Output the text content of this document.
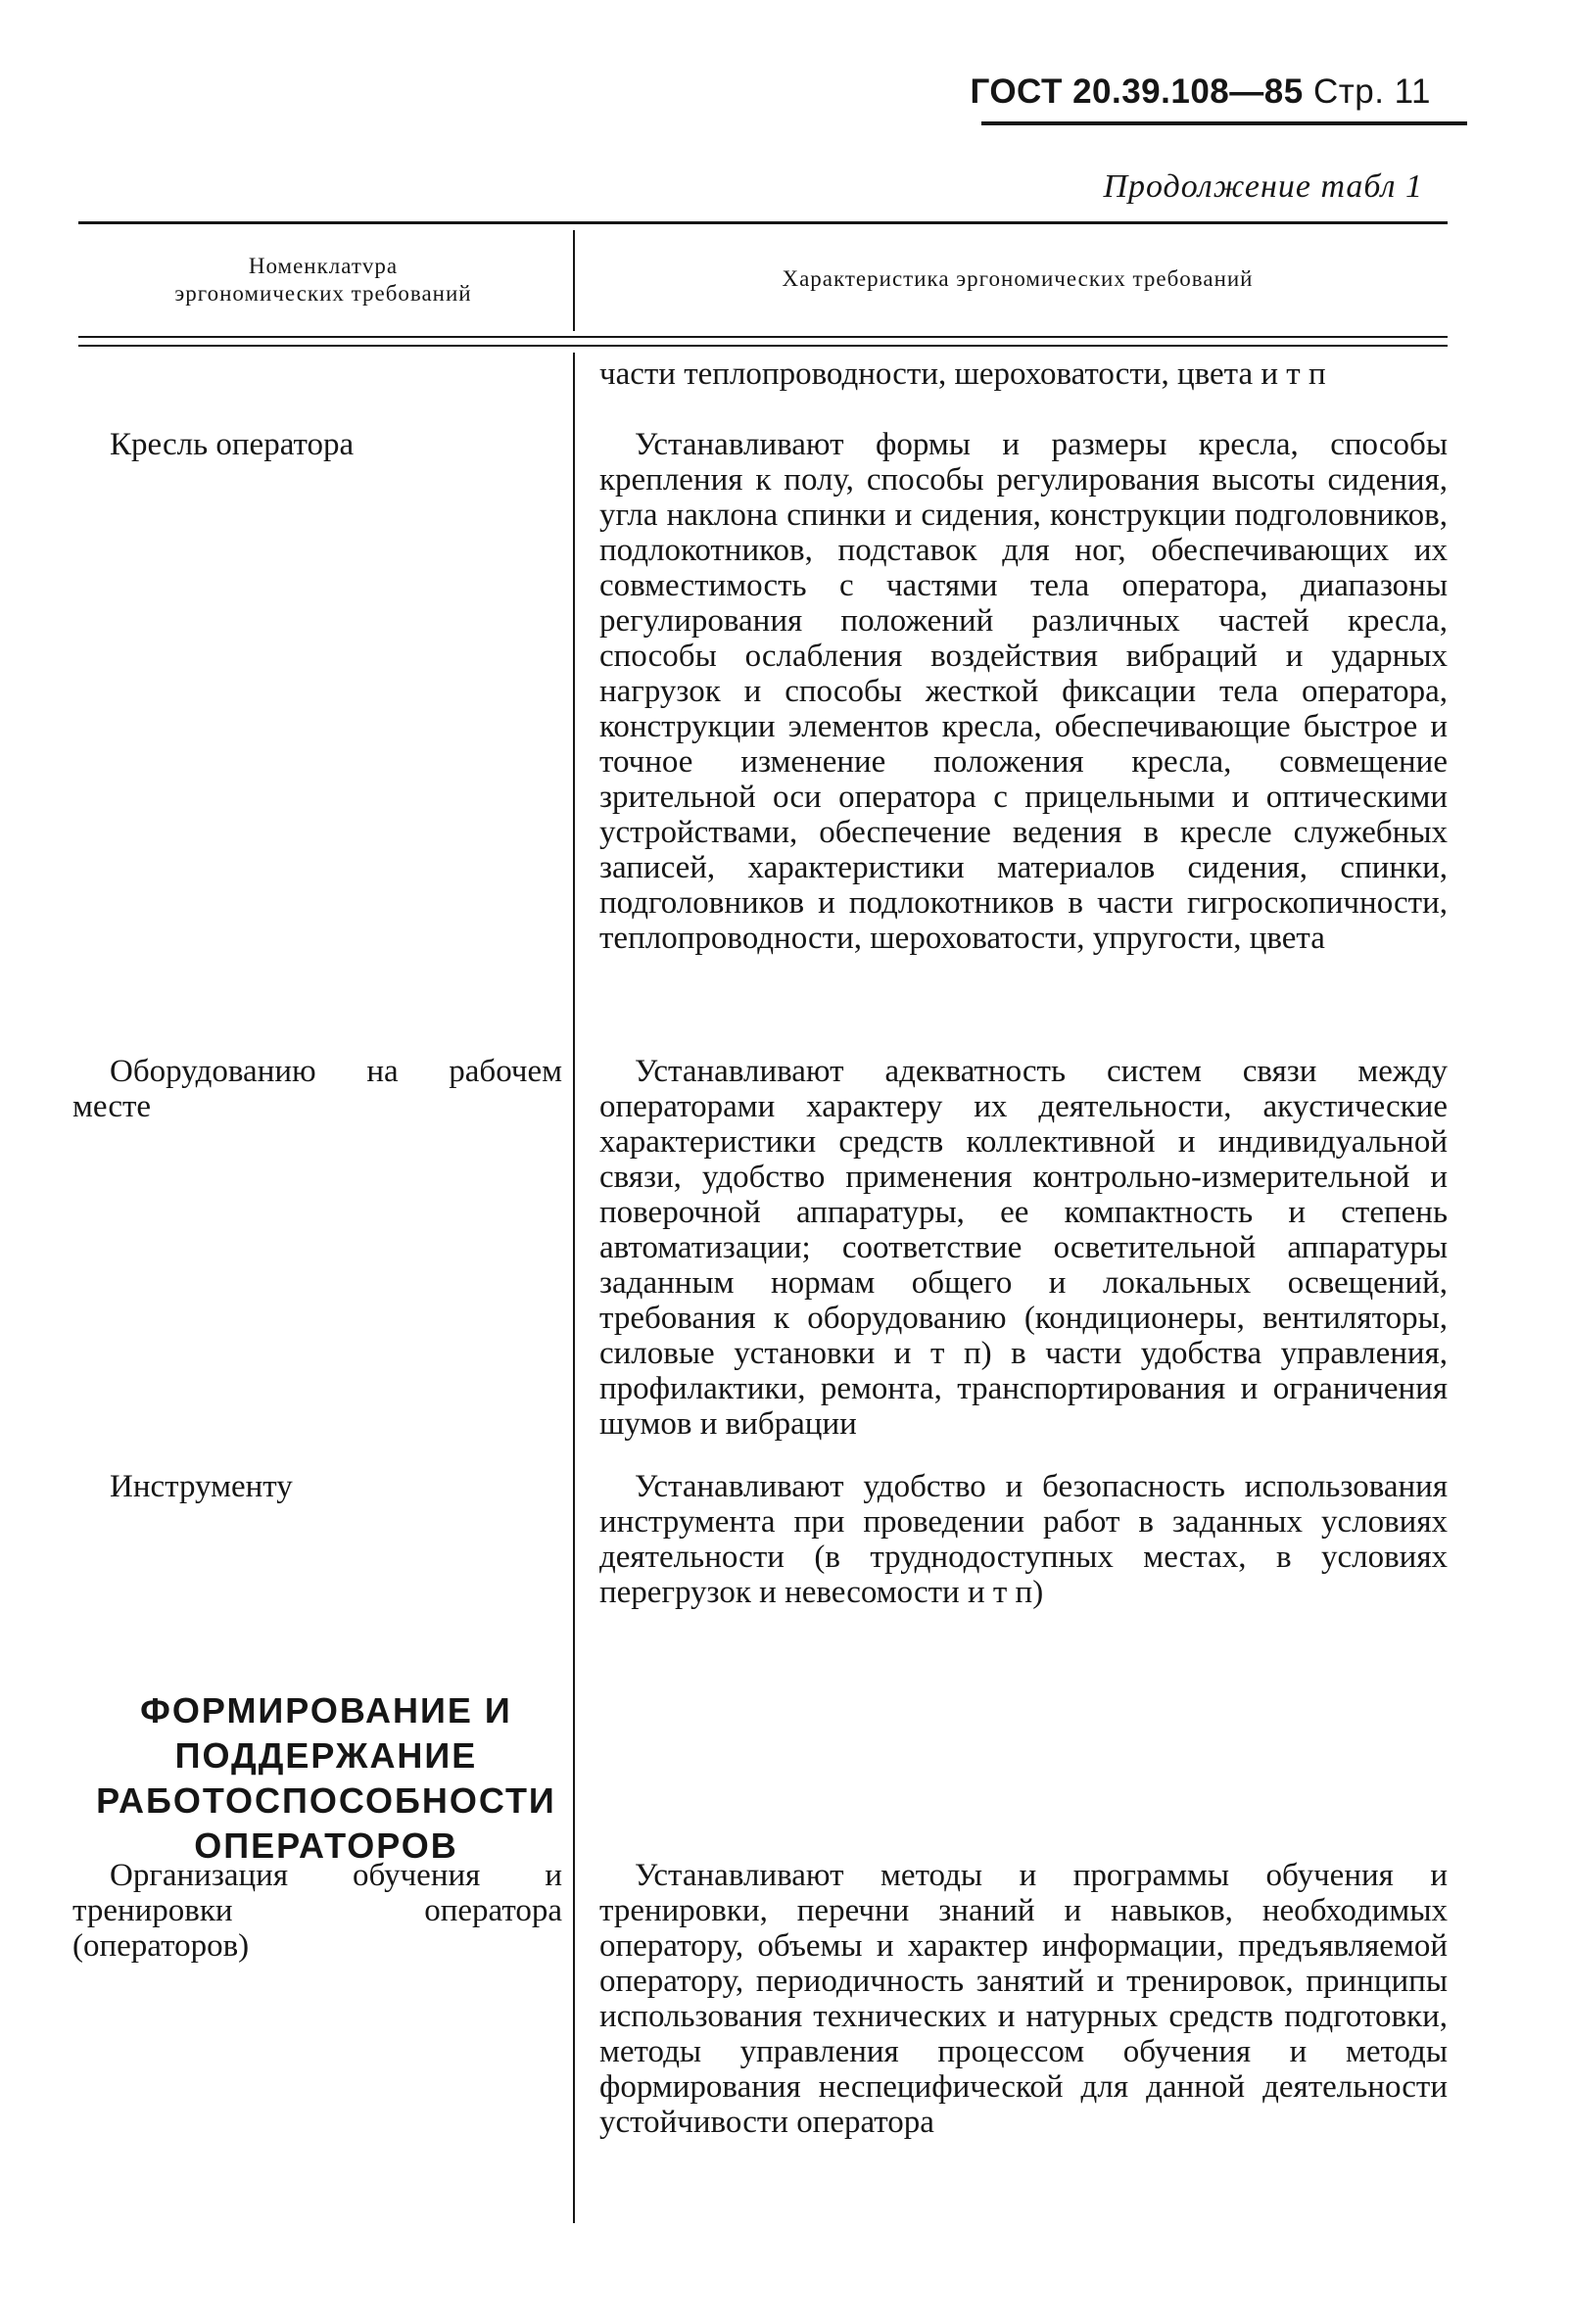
ГОСТ 20.39.108—85 Стр. 11
Продолжение табл 1
Номенклатvра
эргономических требований
Характеристика эргономических требований

части теплопроводности, шероховатости, цвета и т п

Кресль оператора	Устанавливают формы и размеры кресла, способы крепления к полу, способы регулирования высоты сидения, угла наклона спинки и сидения, конструкции подголовников, подлокотников, подставок для ног, обеспечивающих их совместимость с частями тела оператора, диапазоны регулирования положений различных частей кресла, способы ослабления воздействия вибраций и ударных нагрузок и способы жесткой фиксации тела оператора, конструкции элементов кресла, обеспечивающие быстрое и точное изменение положения кресла, совмещение зрительной оси оператора с прицельными и оптическими устройствами, обеспечение ведения в кресле служебных записей, характеристики материалов сидения, спинки, подголовников и подлокотников в части гигроскопичности, теплопроводности, шероховатости, упругости, цвета

Оборудованию на рабочем месте

Устанавливают адекватность систем связи между операторами характеру их деятельности, акустические характеристики средств коллективной и индивидуальной связи, удобство применения контрольно-измерительной и поверочной аппаратуры, ее компактность и степень автоматизации; соответствие осветительной аппаратуры заданным нормам общего и локальных освещений, требования к оборудованию (кондиционеры, вентиляторы, силовые установки и т п) в части удобства управления, профилактики, ремонта, транспортирования и ограничения шумов и вибрации

Инструменту	Устанавливают удобство и безопасность использования инструмента при проведении работ в заданных условиях деятельности (в труднодоступных местах, в условиях перегрузок и невесомости и т п)

ФОРМИРОВАНИЕ И ПОДДЕРЖАНИЕ РАБОТОСПОСОБНОСТИ ОПЕРАТОРОВ
Организация обучения и тренировки оператора (операторов)

Устанавливают методы и программы обучения и тренировки, перечни знаний и навыков, необходимых оператору, объемы и характер информации, предъявляемой оператору, периодичность занятий и тренировок, принципы использования технических и натурных средств подготовки, методы управления процессом обучения и методы формирования неспецифической для данной деятельности устойчивости оператора
